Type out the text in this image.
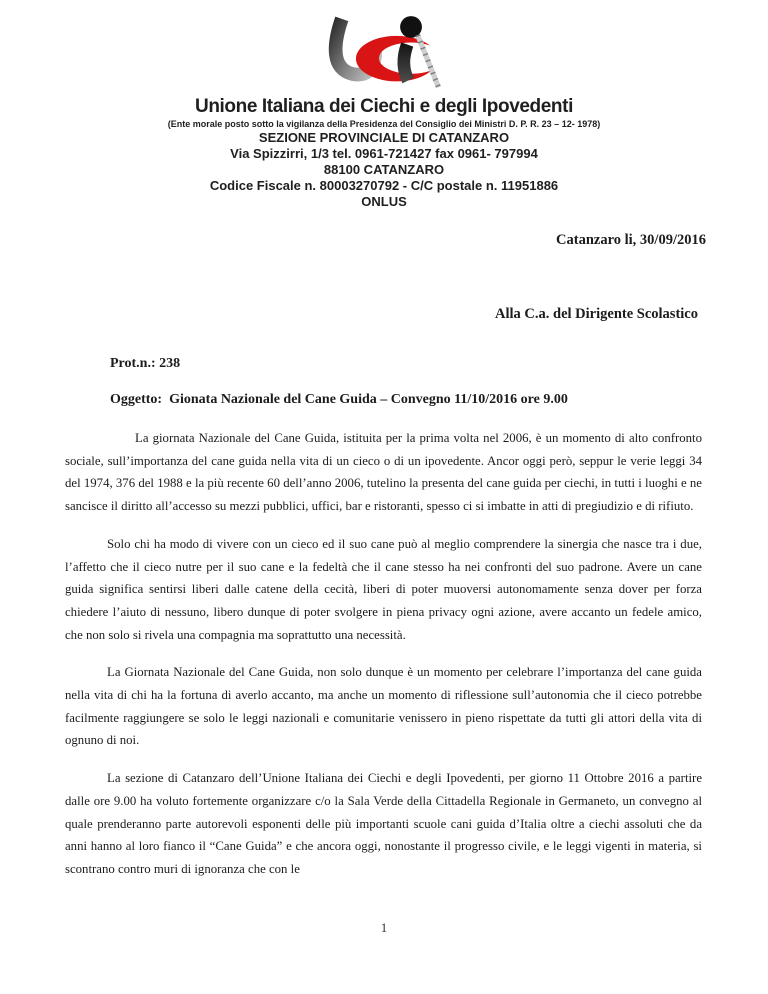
Unione Italiana dei Ciechi e degli Ipovedenti
(Ente morale posto sotto la vigilanza della Presidenza del Consiglio dei Ministri D. P. R. 23 – 12- 1978)
SEZIONE PROVINCIALE DI CATANZARO
Via Spizzirri, 1/3 tel. 0961-721427 fax 0961- 797994
88100 CATANZARO
Codice Fiscale n. 80003270792 - C/C postale n. 11951886
ONLUS
Catanzaro li, 30/09/2016
Alla C.a. del Dirigente Scolastico
Prot.n.: 238
Oggetto:  Gionata Nazionale del Cane Guida – Convegno 11/10/2016 ore 9.00

La giornata Nazionale del Cane Guida, istituita per la prima volta nel 2006, è un momento di alto confronto sociale, sull’importanza del cane guida nella vita di un cieco o di un ipovedente. Ancor oggi però, seppur le verie leggi 34 del 1974, 376 del 1988 e la più recente 60 dell’anno 2006, tutelino la presenta del cane guida per ciechi, in tutti i luoghi e ne sancisce il diritto all’accesso su mezzi pubblici, uffici, bar e ristoranti, spesso ci si imbatte in atti di pregiudizio e di rifiuto.

Solo chi ha modo di vivere con un cieco ed il suo cane può al meglio comprendere la sinergia che nasce tra i due, l’affetto che il cieco nutre per il suo cane e la fedeltà che il cane stesso ha nei confronti del suo padrone. Avere un cane guida significa sentirsi liberi dalle catene della cecità, liberi di poter muoversi autonomamente senza dover per forza chiedere l’aiuto di nessuno, libero dunque di poter svolgere in piena privacy ogni azione, avere accanto un fedele amico, che non solo si rivela una compagnia ma soprattutto una necessità.

La Giornata Nazionale del Cane Guida, non solo dunque è un momento per celebrare l’importanza del cane guida nella vita di chi ha la fortuna di averlo accanto, ma anche un momento di riflessione sull’autonomia che il cieco potrebbe facilmente raggiungere se solo le leggi nazionali e comunitarie venissero in pieno rispettate da tutti gli attori della vita di ognuno di noi.

La sezione di Catanzaro dell’Unione Italiana dei Ciechi e degli Ipovedenti, per giorno 11 Ottobre 2016 a partire dalle ore 9.00 ha voluto fortemente organizzare c/o la Sala Verde della Cittadella Regionale in Germaneto, un convegno al quale prenderanno parte autorevoli esponenti delle più importanti scuole cani guida d’Italia oltre a ciechi assoluti che da anni hanno al loro fianco il “Cane Guida” e che ancora oggi, nonostante il progresso civile, e le leggi vigenti in materia, si scontrano contro muri di ignoranza che con le

1
